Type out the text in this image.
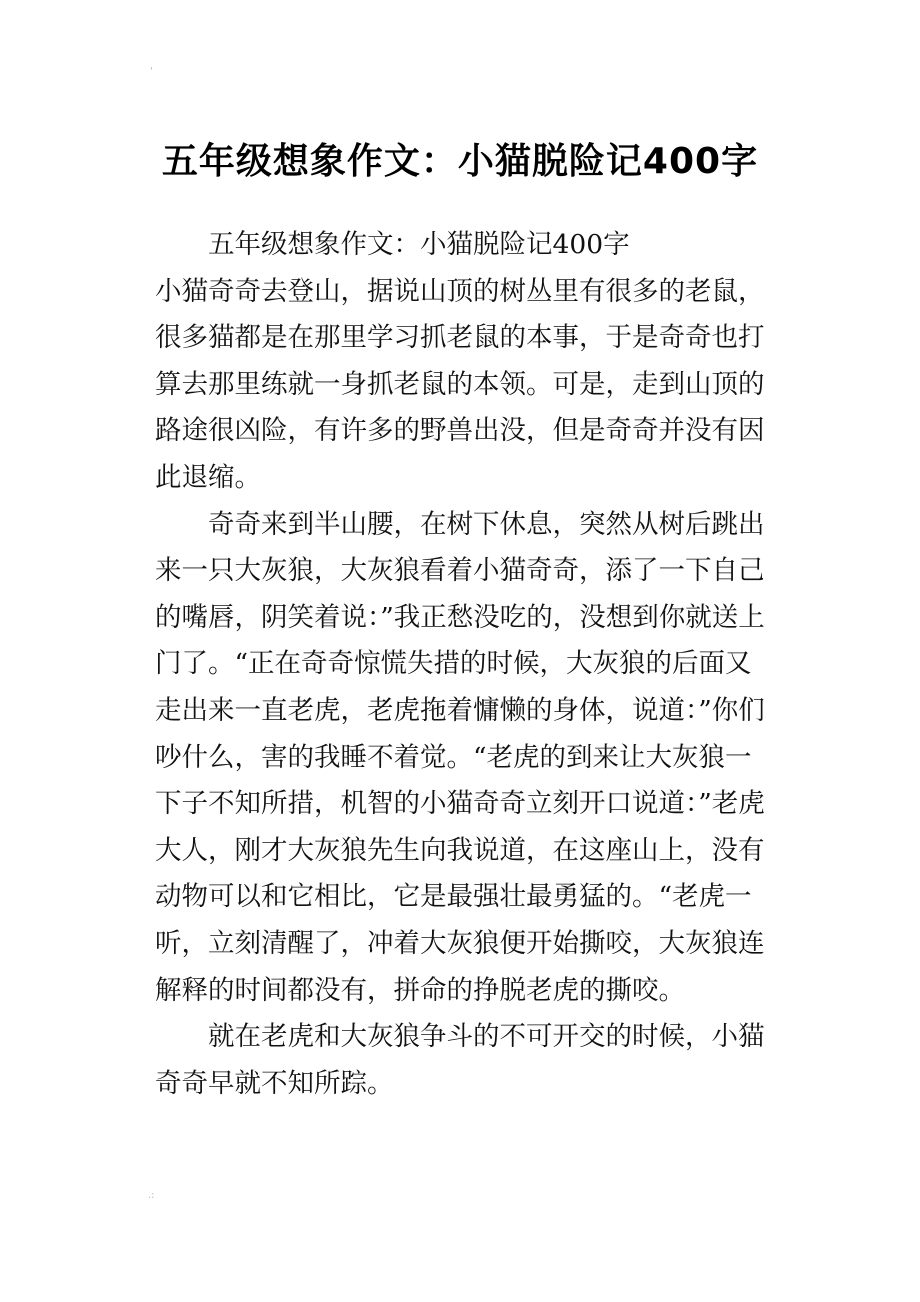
'
五年级想象作文：小猫脱险记400字

五年级想象作文：小猫脱险记400字

小猫奇奇去登山，据说山顶的树丛里有很多的老鼠，很多猫都是在那里学习抓老鼠的本事，于是奇奇也打算去那里练就一身抓老鼠的本领。可是，走到山顶的路途很凶险，有许多的野兽出没，但是奇奇并没有因此退缩。

奇奇来到半山腰，在树下休息，突然从树后跳出来一只大灰狼，大灰狼看着小猫奇奇，添了一下自己的嘴唇，阴笑着说：”我正愁没吃的，没想到你就送上门了。“正在奇奇惊慌失措的时候，大灰狼的后面又走出来一直老虎，老虎拖着慵懒的身体，说道：”你们吵什么，害的我睡不着觉。“老虎的到来让大灰狼一下子不知所措，机智的小猫奇奇立刻开口说道：”老虎大人，刚才大灰狼先生向我说道，在这座山上，没有动物可以和它相比，它是最强壮最勇猛的。“老虎一听，立刻清醒了，冲着大灰狼便开始撕咬，大灰狼连解释的时间都没有，拼命的挣脱老虎的撕咬。

就在老虎和大灰狼争斗的不可开交的时候，小猫奇奇早就不知所踪。

.:
